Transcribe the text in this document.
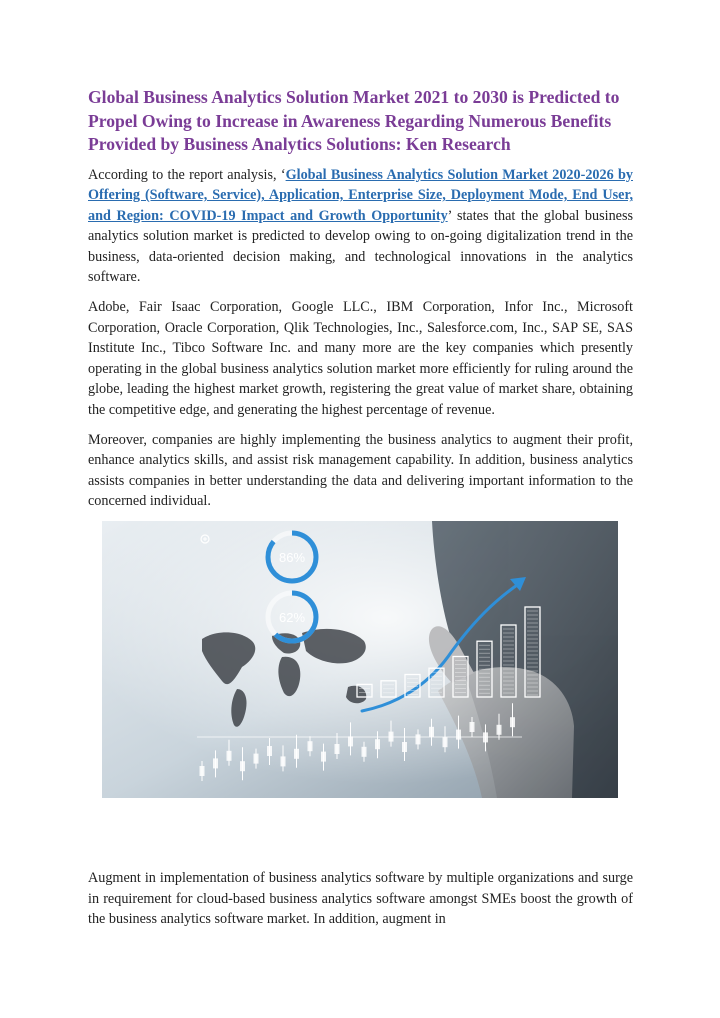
Global Business Analytics Solution Market 2021 to 2030 is Predicted to Propel Owing to Increase in Awareness Regarding Numerous Benefits Provided by Business Analytics Solutions: Ken Research

According to the report analysis, ‘Global Business Analytics Solution Market 2020-2026 by Offering (Software, Service), Application, Enterprise Size, Deployment Mode, End User, and Region: COVID-19 Impact and Growth Opportunity’ states that the global business analytics solution market is predicted to develop owing to on-going digitalization trend in the business, data-oriented decision making, and technological innovations in the analytics software.

Adobe, Fair Isaac Corporation, Google LLC., IBM Corporation, Infor Inc., Microsoft Corporation, Oracle Corporation, Qlik Technologies, Inc., Salesforce.com, Inc., SAP SE, SAS Institute Inc., Tibco Software Inc. and many more are the key companies which presently operating in the global business analytics solution market more efficiently for ruling around the globe, leading the highest market growth, registering the great value of market share, obtaining the competitive edge, and generating the highest percentage of revenue.

Moreover, companies are highly implementing the business analytics to augment their profit, enhance analytics skills, and assist risk management capability. In addition, business analytics assists companies in better understanding the data and delivering important information to the concerned individual.

86%
62%

Augment in implementation of business analytics software by multiple organizations and surge in requirement for cloud-based business analytics software amongst SMEs boost the growth of the business analytics software market. In addition, augment in
